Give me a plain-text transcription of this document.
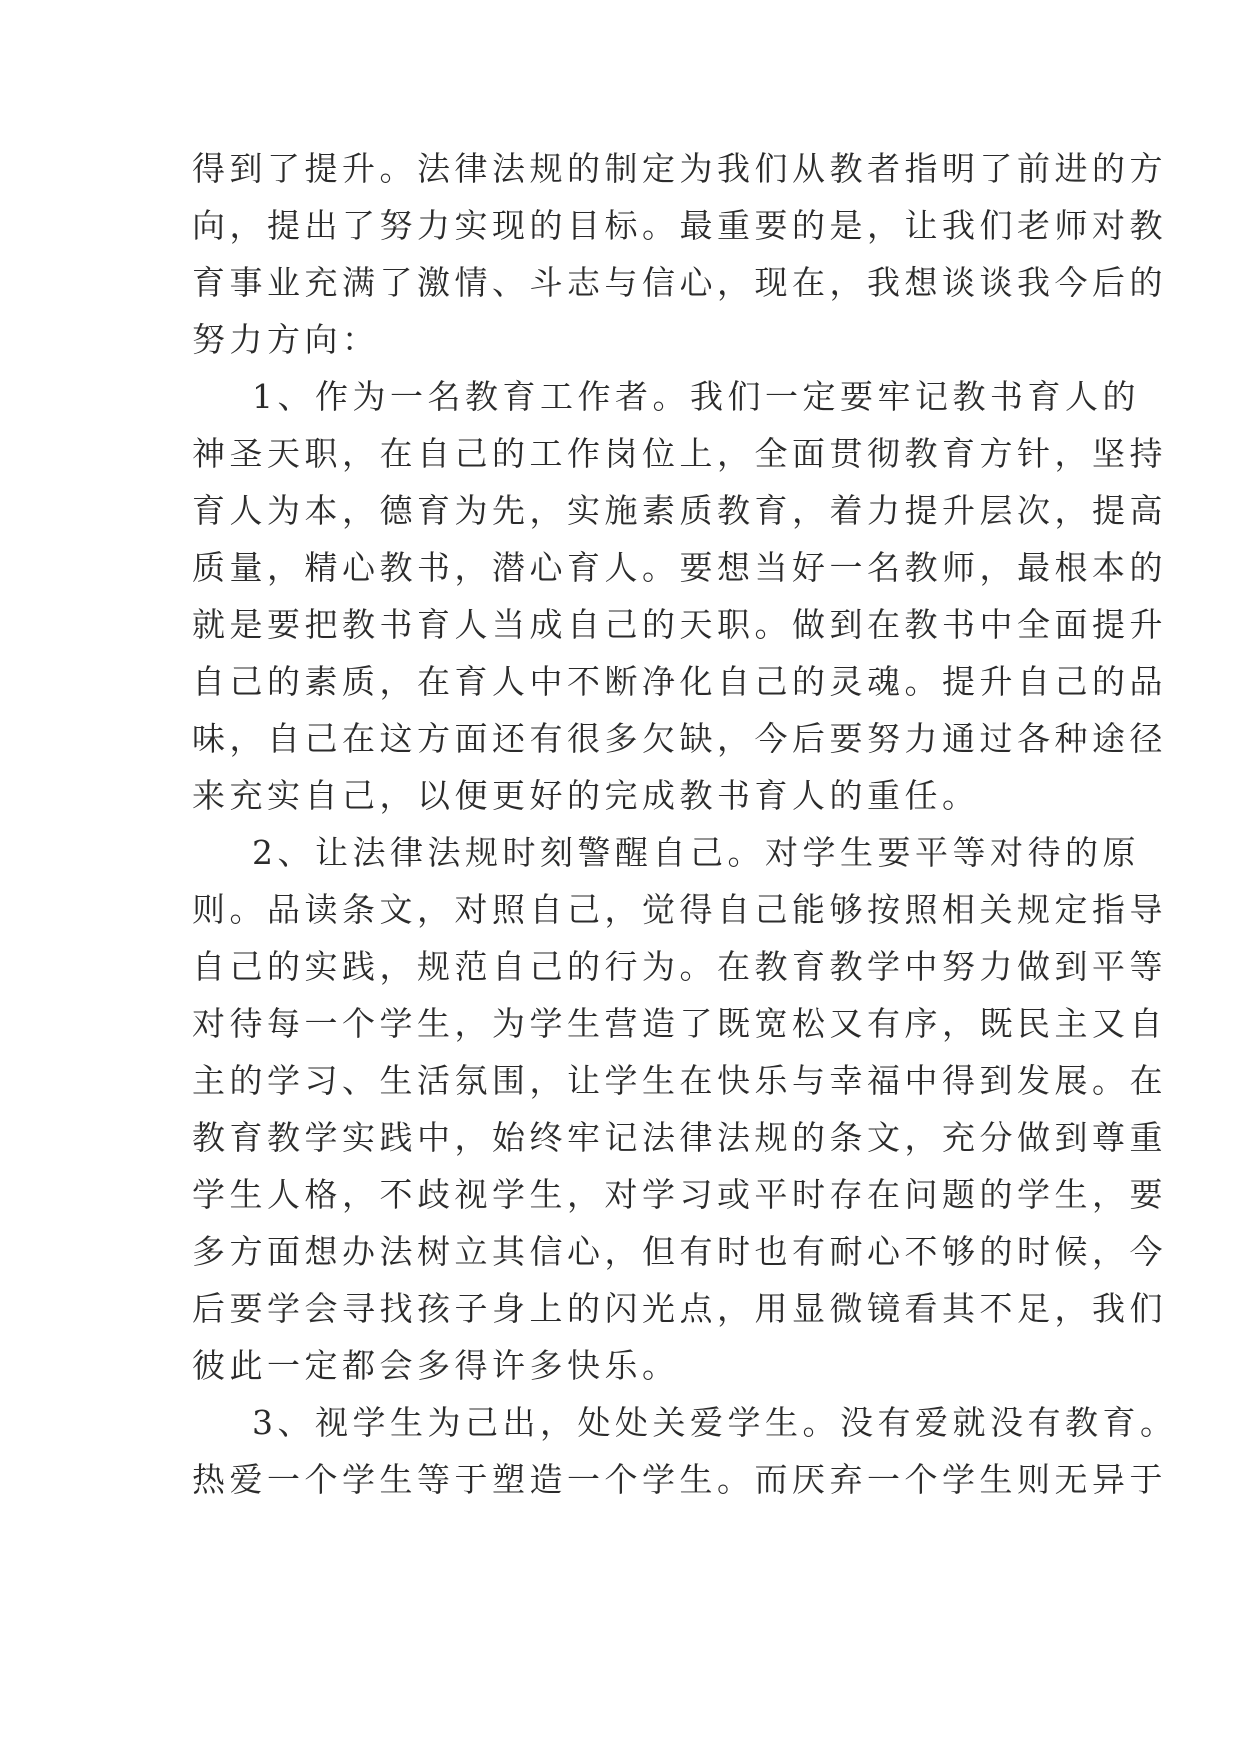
得到了提升。法律法规的制定为我们从教者指明了前进的方

向，提出了努力实现的目标。最重要的是，让我们老师对教

育事业充满了激情、斗志与信心，现在，我想谈谈我今后的

努力方向：

1、作为一名教育工作者。我们一定要牢记教书育人的

神圣天职，在自己的工作岗位上，全面贯彻教育方针，坚持

育人为本，德育为先，实施素质教育，着力提升层次，提高

质量，精心教书，潜心育人。要想当好一名教师，最根本的

就是要把教书育人当成自己的天职。做到在教书中全面提升

自己的素质，在育人中不断净化自己的灵魂。提升自己的品

味，自己在这方面还有很多欠缺，今后要努力通过各种途径

来充实自己，以便更好的完成教书育人的重任。

2、让法律法规时刻警醒自己。对学生要平等对待的原

则。品读条文，对照自己，觉得自己能够按照相关规定指导

自己的实践，规范自己的行为。在教育教学中努力做到平等

对待每一个学生，为学生营造了既宽松又有序，既民主又自

主的学习、生活氛围，让学生在快乐与幸福中得到发展。在

教育教学实践中，始终牢记法律法规的条文，充分做到尊重

学生人格，不歧视学生，对学习或平时存在问题的学生，要

多方面想办法树立其信心，但有时也有耐心不够的时候，今

后要学会寻找孩子身上的闪光点，用显微镜看其不足，我们

彼此一定都会多得许多快乐。

3、视学生为己出，处处关爱学生。没有爱就没有教育。

热爱一个学生等于塑造一个学生。而厌弃一个学生则无异于
